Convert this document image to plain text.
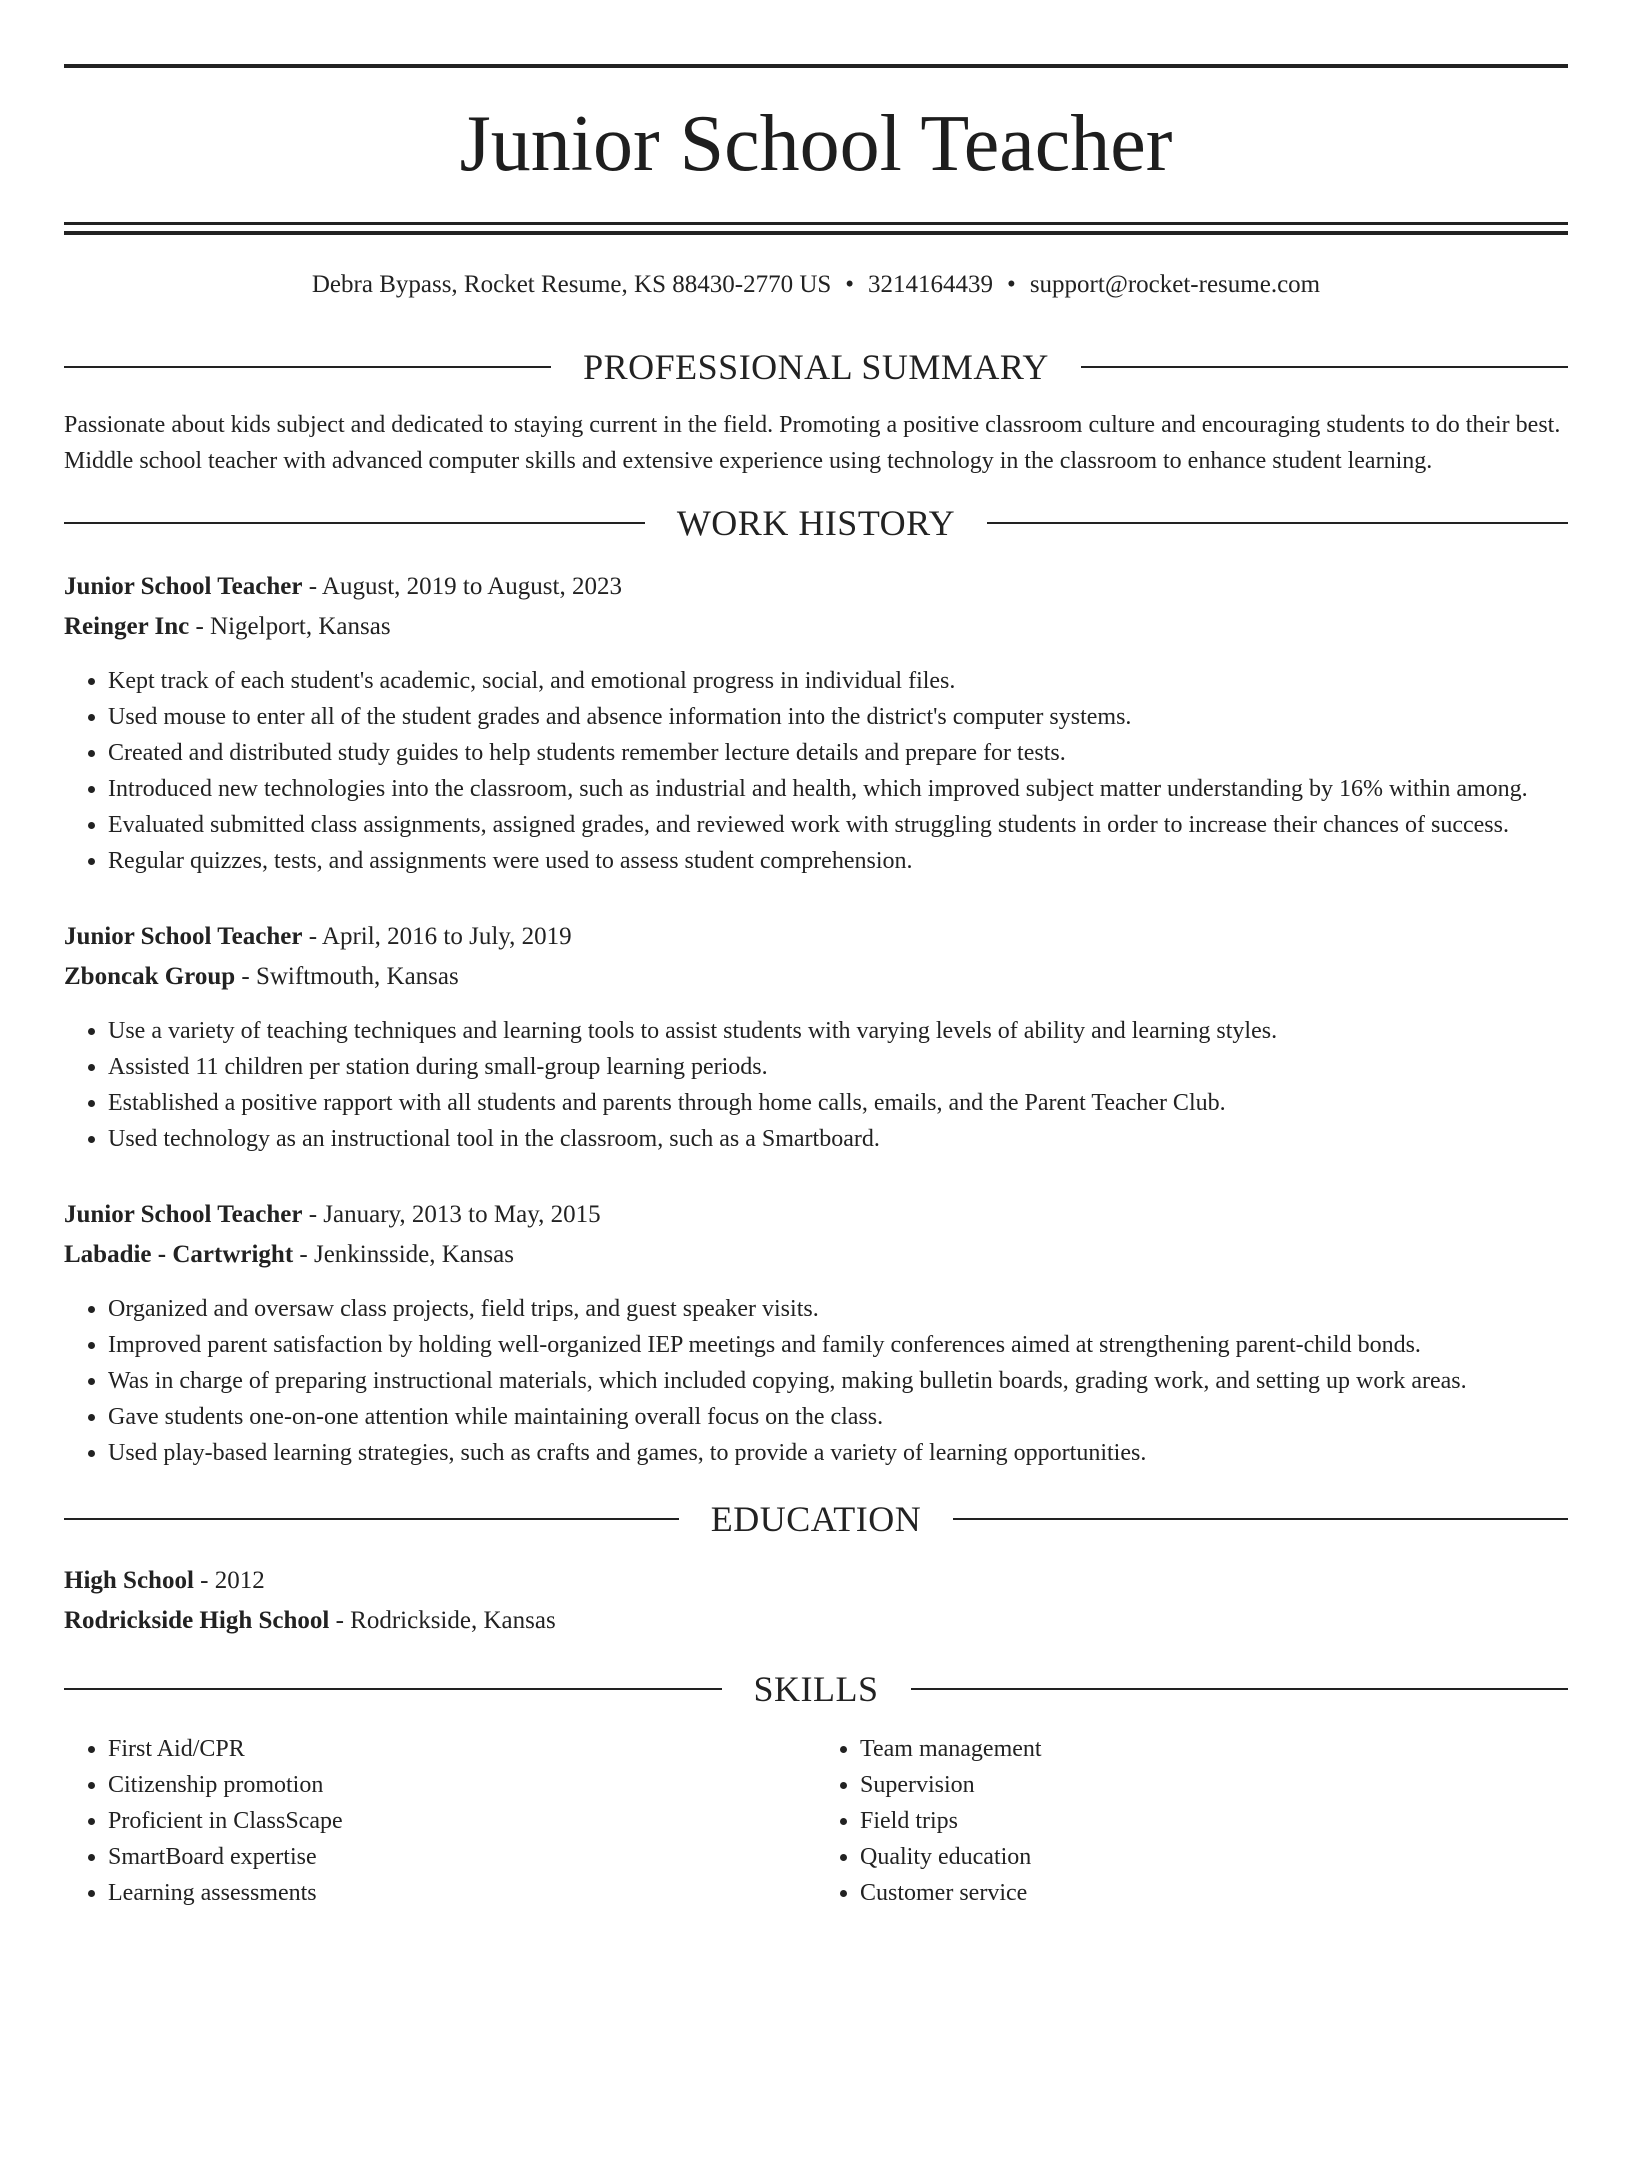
Junior School Teacher
Debra Bypass, Rocket Resume, KS 88430-2770 US • 3214164439 • support@rocket-resume.com
PROFESSIONAL SUMMARY
Passionate about kids subject and dedicated to staying current in the field. Promoting a positive classroom culture and encouraging students to do their best. Middle school teacher with advanced computer skills and extensive experience using technology in the classroom to enhance student learning.
WORK HISTORY
Junior School Teacher - August, 2019 to August, 2023
Reinger Inc - Nigelport, Kansas
• Kept track of each student's academic, social, and emotional progress in individual files.
• Used mouse to enter all of the student grades and absence information into the district's computer systems.
• Created and distributed study guides to help students remember lecture details and prepare for tests.
• Introduced new technologies into the classroom, such as industrial and health, which improved subject matter understanding by 16% within among.
• Evaluated submitted class assignments, assigned grades, and reviewed work with struggling students in order to increase their chances of success.
• Regular quizzes, tests, and assignments were used to assess student comprehension.
Junior School Teacher - April, 2016 to July, 2019
Zboncak Group - Swiftmouth, Kansas
• Use a variety of teaching techniques and learning tools to assist students with varying levels of ability and learning styles.
• Assisted 11 children per station during small-group learning periods.
• Established a positive rapport with all students and parents through home calls, emails, and the Parent Teacher Club.
• Used technology as an instructional tool in the classroom, such as a Smartboard.
Junior School Teacher - January, 2013 to May, 2015
Labadie - Cartwright - Jenkinsside, Kansas
• Organized and oversaw class projects, field trips, and guest speaker visits.
• Improved parent satisfaction by holding well-organized IEP meetings and family conferences aimed at strengthening parent-child bonds.
• Was in charge of preparing instructional materials, which included copying, making bulletin boards, grading work, and setting up work areas.
• Gave students one-on-one attention while maintaining overall focus on the class.
• Used play-based learning strategies, such as crafts and games, to provide a variety of learning opportunities.
EDUCATION
High School - 2012
Rodrickside High School - Rodrickside, Kansas
SKILLS
• First Aid/CPR
• Citizenship promotion
• Proficient in ClassScape
• SmartBoard expertise
• Learning assessments
• Team management
• Supervision
• Field trips
• Quality education
• Customer service
